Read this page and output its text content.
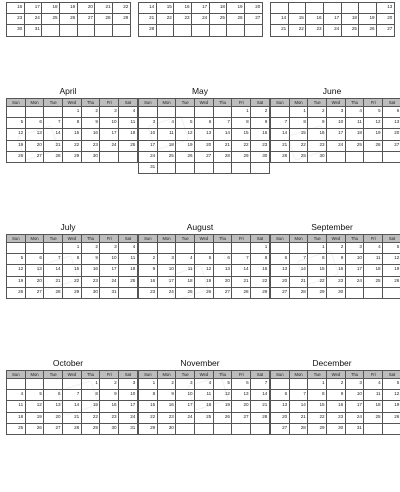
16	17	18	19	20	21	22
23	24	25	26	27	28	29
30	31					
14	15	16	17	18	19	20
21	22	23	24	25	26	27
28						
						13
14	15	16	17	18	19	20
21	22	23	24	25	26	27
April
Sun	Mon	Tue	Wed	Thu	Fri	Sat
			1	2	3	4
5	6	7	8	9	10	11
12	13	14	15	16	17	18
19	20	21	22	23	24	25
26	27	28	29	30		
May
Sun	Mon	Tue	Wed	Thu	Fri	Sat
					1	2
3	4	5	6	7	8	9
10	11	12	13	14	15	16
17	18	19	20	21	22	23
24	25	26	27	28	29	30
31						
June
Sun	Mon	Tue	Wed	Thu	Fri	Sat
	1	2	3	4	5	6
7	8	9	10	11	12	13
14	15	16	17	18	19	20
21	22	23	24	25	26	27
28	29	30				
July
Sun	Mon	Tue	Wed	Thu	Fri	Sat
			1	2	3	4
5	6	7	8	9	10	11
12	13	14	15	16	17	18
19	20	21	22	23	24	25
26	27	28	29	30	31	
August
Sun	Mon	Tue	Wed	Thu	Fri	Sat
						1
2	3	4	5	6	7	8
9	10	11	12	13	14	15
16	17	18	19	20	21	22
23	24	25	26	27	28	29
September
Sun	Mon	Tue	Wed	Thu	Fri	Sat
		1	2	3	4	5
6	7	8	9	10	11	12
13	14	15	16	17	18	19
20	21	22	23	24	25	26
27	28	29	30			
October
Sun	Mon	Tue	Wed	Thu	Fri	Sat
				1	2	3
4	5	6	7	8	9	10
11	12	13	14	15	16	17
18	19	20	21	22	23	24
25	26	27	28	29	30	31
November
Sun	Mon	Tue	Wed	Thu	Fri	Sat
1	2	3	4	5	6	7
8	9	10	11	12	13	14
15	16	17	18	19	20	21
22	23	24	25	26	27	28
29	30					
December
Sun	Mon	Tue	Wed	Thu	Fri	Sat
		1	2	3	4	5
6	7	8	9	10	11	12
13	14	15	16	17	18	19
20	21	22	23	24	25	26
27	28	29	30	31		
